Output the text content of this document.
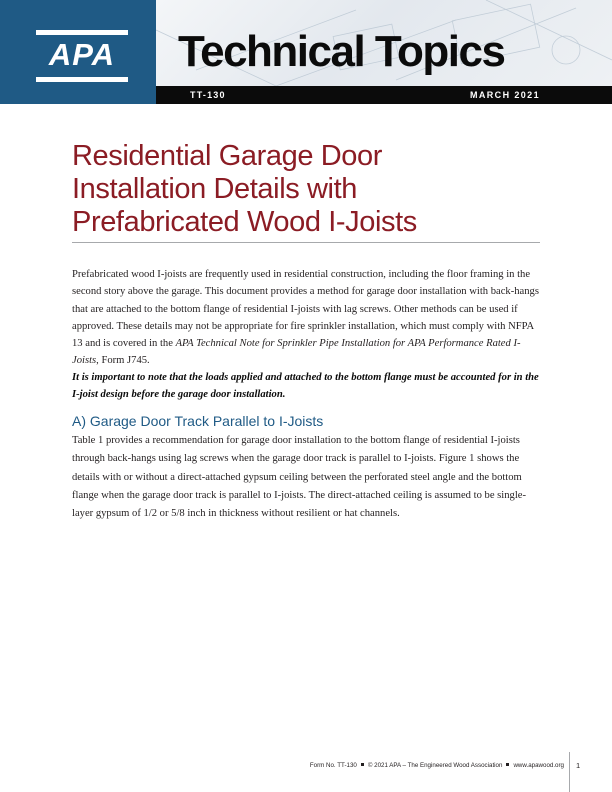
APA Technical Topics
TT-130	MARCH 2021
Residential Garage Door
Installation Details with
Prefabricated Wood I-Joists

Prefabricated wood I-joists are frequently used in residential construction, including the floor framing in the second story above the garage. This document provides a method for garage door installation with back-hangs that are attached to the bottom flange of residential I-joists with lag screws. Other methods can be used if approved. These details may not be appropriate for fire sprinkler installation, which must comply with NFPA 13 and is covered in the APA Technical Note for Sprinkler Pipe Installation for APA Performance Rated I-Joists, Form J745.

It is important to note that the loads applied and attached to the bottom flange must be accounted for in the I-joist design before the garage door installation.

A) Garage Door Track Parallel to I-Joists

Table 1 provides a recommendation for garage door installation to the bottom flange of residential I-joists through back-hangs using lag screws when the garage door track is parallel to I-joists. Figure 1 shows the details with or without a direct-attached gypsum ceiling between the perforated steel angle and the bottom flange when the garage door track is parallel to I-joists. The direct-attached ceiling is assumed to be single-layer gypsum of 1/2 or 5/8 inch in thickness without resilient or hat channels.

Form No. TT-130 © 2021 APA – The Engineered Wood Association www.apawood.org 1
